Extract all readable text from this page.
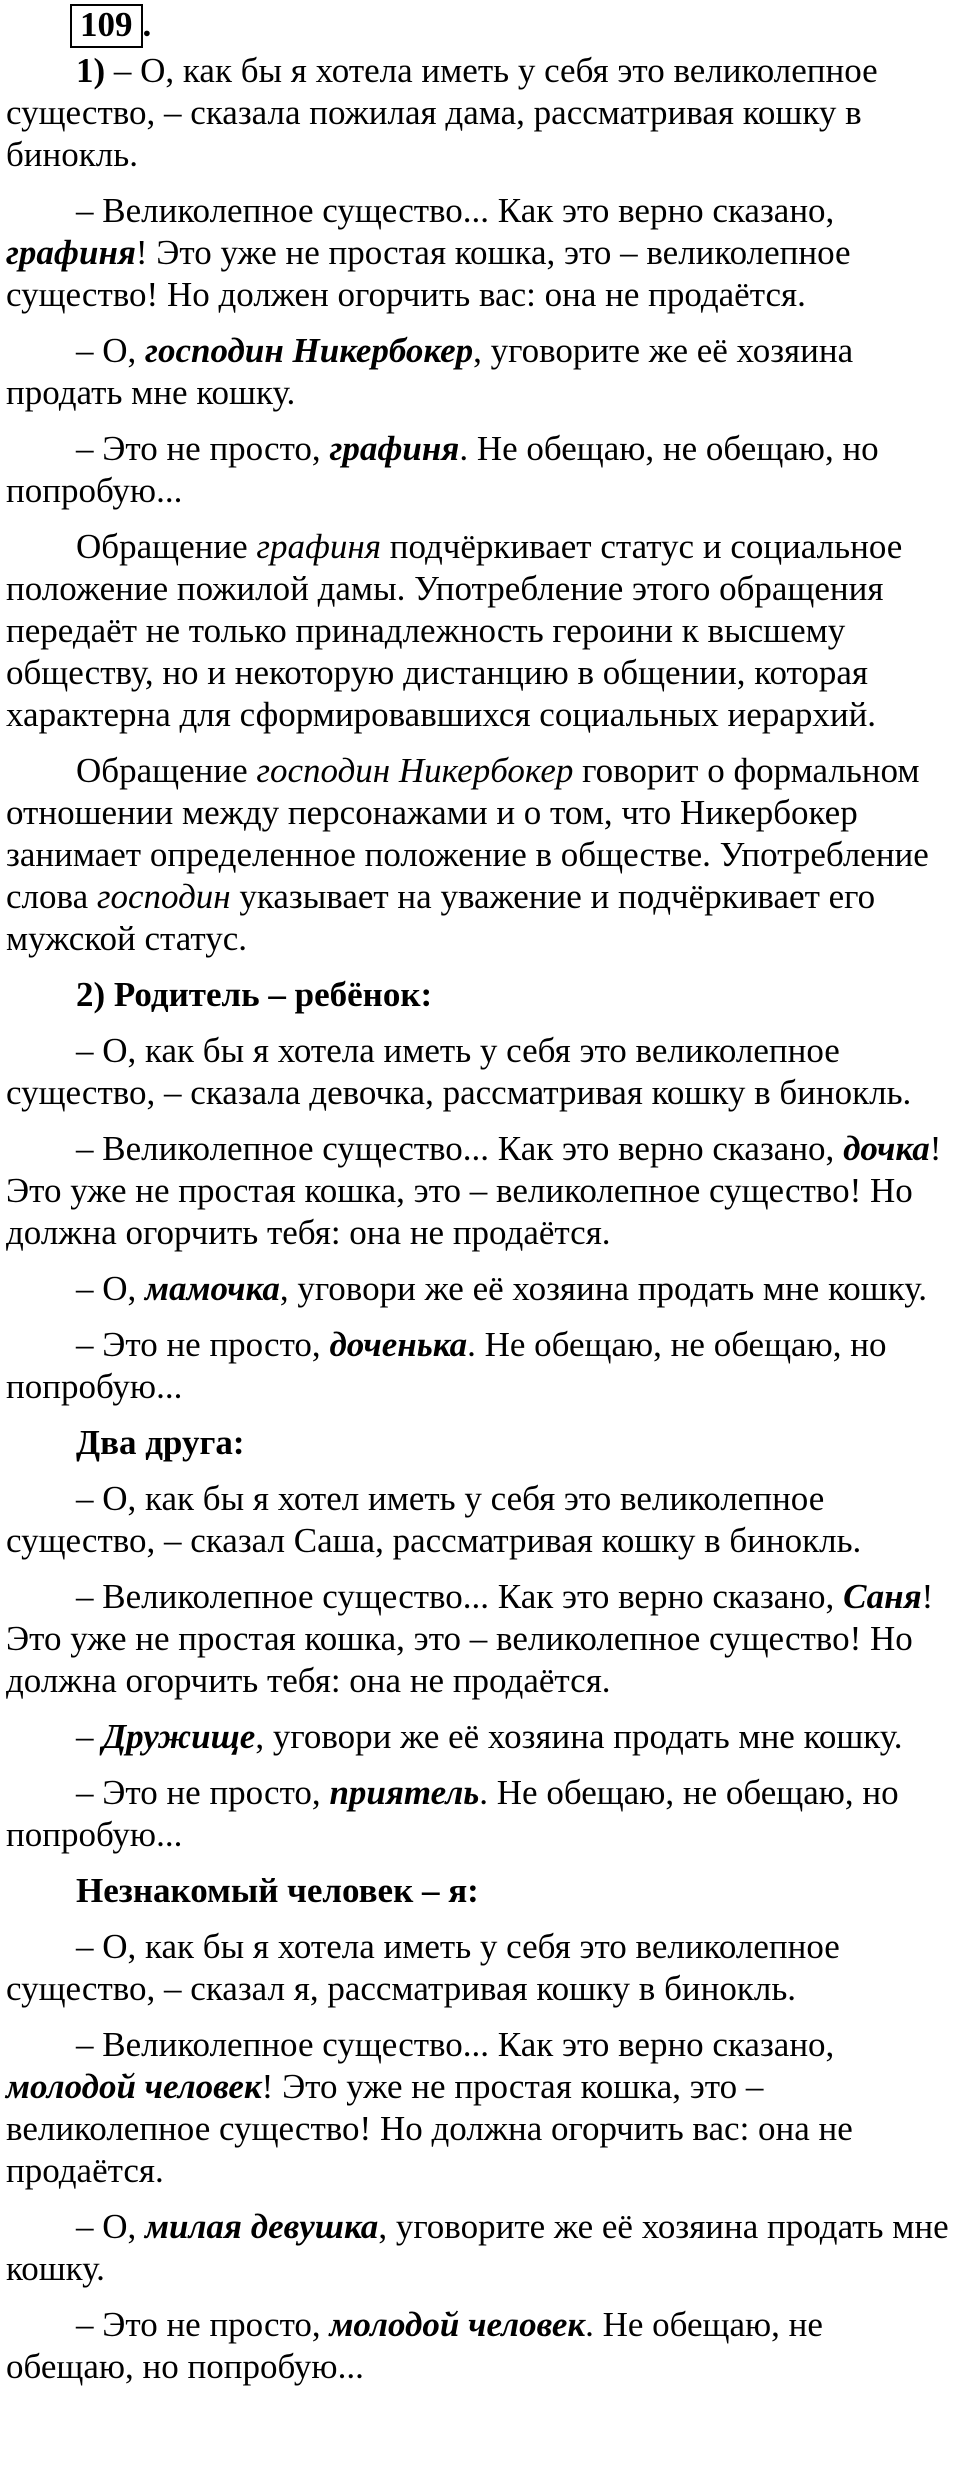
109 .

1) – О, как бы я хотела иметь у себя это великолепное существо, – сказала пожилая дама, рассматривая кошку в бинокль.

– Великолепное существо... Как это верно сказано, графиня! Это уже не простая кошка, это – великолепное существо! Но должен огорчить вас: она не продаётся.

– О, господин Никербокер, уговорите же её хозяина продать мне кошку.

– Это не просто, графиня. Не обещаю, не обещаю, но попробую...

Обращение графиня подчёркивает статус и социальное положение пожилой дамы. Употребление этого обращения передаёт не только принадлежность героини к высшему обществу, но и некоторую дистанцию в общении, которая характерна для сформировавшихся социальных иерархий.

Обращение господин Никербокер говорит о формальном отношении между персонажами и о том, что Никербокер занимает определенное положение в обществе. Употребление слова господин указывает на уважение и подчёркивает его мужской статус.

2) Родитель – ребёнок:

– О, как бы я хотела иметь у себя это великолепное существо, – сказала девочка, рассматривая кошку в бинокль.

– Великолепное существо... Как это верно сказано, дочка! Это уже не простая кошка, это – великолепное существо! Но должна огорчить тебя: она не продаётся.

– О, мамочка, уговори же её хозяина продать мне кошку.

– Это не просто, доченька. Не обещаю, не обещаю, но попробую...

Два друга:

– О, как бы я хотел иметь у себя это великолепное существо, – сказал Саша, рассматривая кошку в бинокль.

– Великолепное существо... Как это верно сказано, Саня! Это уже не простая кошка, это – великолепное существо! Но должна огорчить тебя: она не продаётся.

– Дружище, уговори же её хозяина продать мне кошку.

– Это не просто, приятель. Не обещаю, не обещаю, но попробую...

Незнакомый человек – я:

– О, как бы я хотела иметь у себя это великолепное существо, – сказал я, рассматривая кошку в бинокль.

– Великолепное существо... Как это верно сказано, молодой человек! Это уже не простая кошка, это – великолепное существо! Но должна огорчить вас: она не продаётся.

– О, милая девушка, уговорите же её хозяина продать мне кошку.

– Это не просто, молодой человек. Не обещаю, не обещаю, но попробую...
